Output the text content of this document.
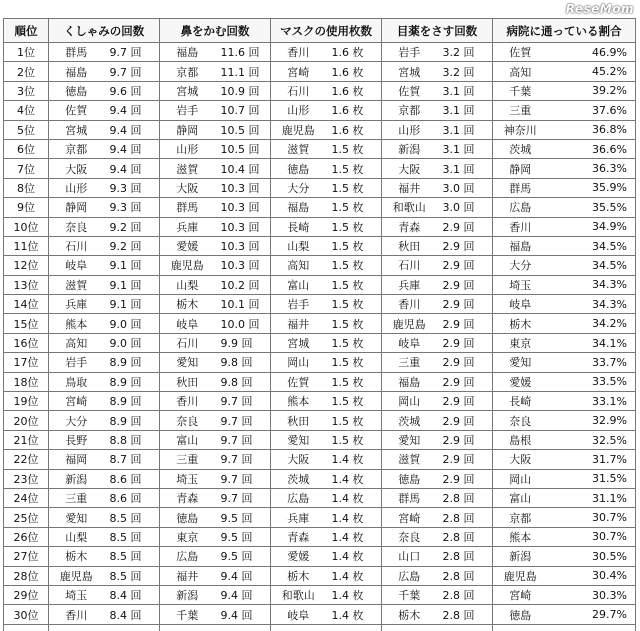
ReseMom
順位	くしゃみの回数		鼻をかむ回数		マスクの使用枚数		目薬をさす回数		病院に通っている割合	
1位	群馬	9.7 回	福島	11.6 回	香川	1.6 枚	岩手	3.2 回	佐賀	46.9%
2位	福島	9.7 回	京都	11.1 回	宮崎	1.6 枚	宮城	3.2 回	高知	45.2%
3位	徳島	9.6 回	宮城	10.9 回	石川	1.6 枚	佐賀	3.1 回	千葉	39.2%
4位	佐賀	9.4 回	岩手	10.7 回	山形	1.6 枚	京都	3.1 回	三重	37.6%
5位	宮城	9.4 回	静岡	10.5 回	鹿児島	1.6 枚	山形	3.1 回	神奈川	36.8%
6位	京都	9.4 回	山形	10.5 回	滋賀	1.5 枚	新潟	3.1 回	茨城	36.6%
7位	大阪	9.4 回	滋賀	10.4 回	徳島	1.5 枚	大阪	3.1 回	静岡	36.3%
8位	山形	9.3 回	大阪	10.3 回	大分	1.5 枚	福井	3.0 回	群馬	35.9%
9位	静岡	9.3 回	群馬	10.3 回	福島	1.5 枚	和歌山	3.0 回	広島	35.5%
10位	奈良	9.2 回	兵庫	10.3 回	長崎	1.5 枚	青森	2.9 回	香川	34.9%
11位	石川	9.2 回	愛媛	10.3 回	山梨	1.5 枚	秋田	2.9 回	福島	34.5%
12位	岐阜	9.1 回	鹿児島	10.3 回	高知	1.5 枚	石川	2.9 回	大分	34.5%
13位	滋賀	9.1 回	山梨	10.2 回	富山	1.5 枚	兵庫	2.9 回	埼玉	34.3%
14位	兵庫	9.1 回	栃木	10.1 回	岩手	1.5 枚	香川	2.9 回	岐阜	34.3%
15位	熊本	9.0 回	岐阜	10.0 回	福井	1.5 枚	鹿児島	2.9 回	栃木	34.2%
16位	高知	9.0 回	石川	9.9 回	宮城	1.5 枚	岐阜	2.9 回	東京	34.1%
17位	岩手	8.9 回	愛知	9.8 回	岡山	1.5 枚	三重	2.9 回	愛知	33.7%
18位	鳥取	8.9 回	秋田	9.8 回	佐賀	1.5 枚	福島	2.9 回	愛媛	33.5%
19位	宮崎	8.9 回	香川	9.7 回	熊本	1.5 枚	岡山	2.9 回	長崎	33.1%
20位	大分	8.9 回	奈良	9.7 回	秋田	1.5 枚	茨城	2.9 回	奈良	32.9%
21位	長野	8.8 回	富山	9.7 回	愛知	1.5 枚	愛知	2.9 回	島根	32.5%
22位	福岡	8.7 回	三重	9.7 回	大阪	1.4 枚	滋賀	2.9 回	大阪	31.7%
23位	新潟	8.6 回	埼玉	9.7 回	茨城	1.4 枚	徳島	2.9 回	岡山	31.5%
24位	三重	8.6 回	青森	9.7 回	広島	1.4 枚	群馬	2.8 回	富山	31.1%
25位	愛知	8.5 回	徳島	9.5 回	兵庫	1.4 枚	宮崎	2.8 回	京都	30.7%
26位	山梨	8.5 回	東京	9.5 回	青森	1.4 枚	奈良	2.8 回	熊本	30.7%
27位	栃木	8.5 回	広島	9.5 回	愛媛	1.4 枚	山口	2.8 回	新潟	30.5%
28位	鹿児島	8.5 回	福井	9.4 回	栃木	1.4 枚	広島	2.8 回	鹿児島	30.4%
29位	埼玉	8.4 回	新潟	9.4 回	和歌山	1.4 枚	千葉	2.8 回	宮崎	30.3%
30位	香川	8.4 回	千葉	9.4 回	岐阜	1.4 枚	栃木	2.8 回	徳島	29.7%
